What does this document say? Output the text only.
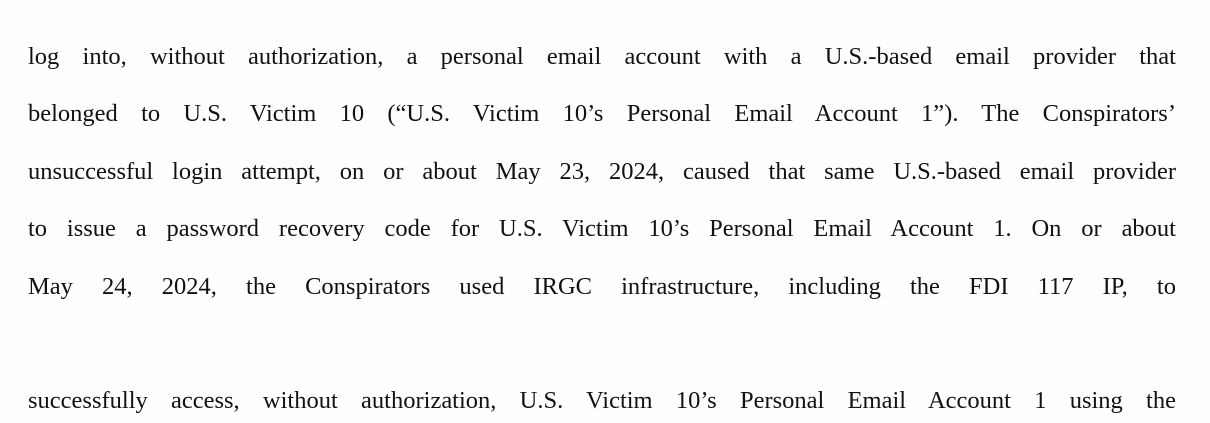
log into, without authorization, a personal email account with a U.S.-based email provider that
belonged to U.S. Victim 10 (“U.S. Victim 10’s Personal Email Account 1”). The Conspirators’
unsuccessful login attempt, on or about May 23, 2024, caused that same U.S.-based email provider
to issue a password recovery code for U.S. Victim 10’s Personal Email Account 1. On or about
May 24, 2024, the Conspirators used IRGC infrastructure, including the FDI 117 IP, to
successfully access, without authorization, U.S. Victim 10’s Personal Email Account 1 using the
